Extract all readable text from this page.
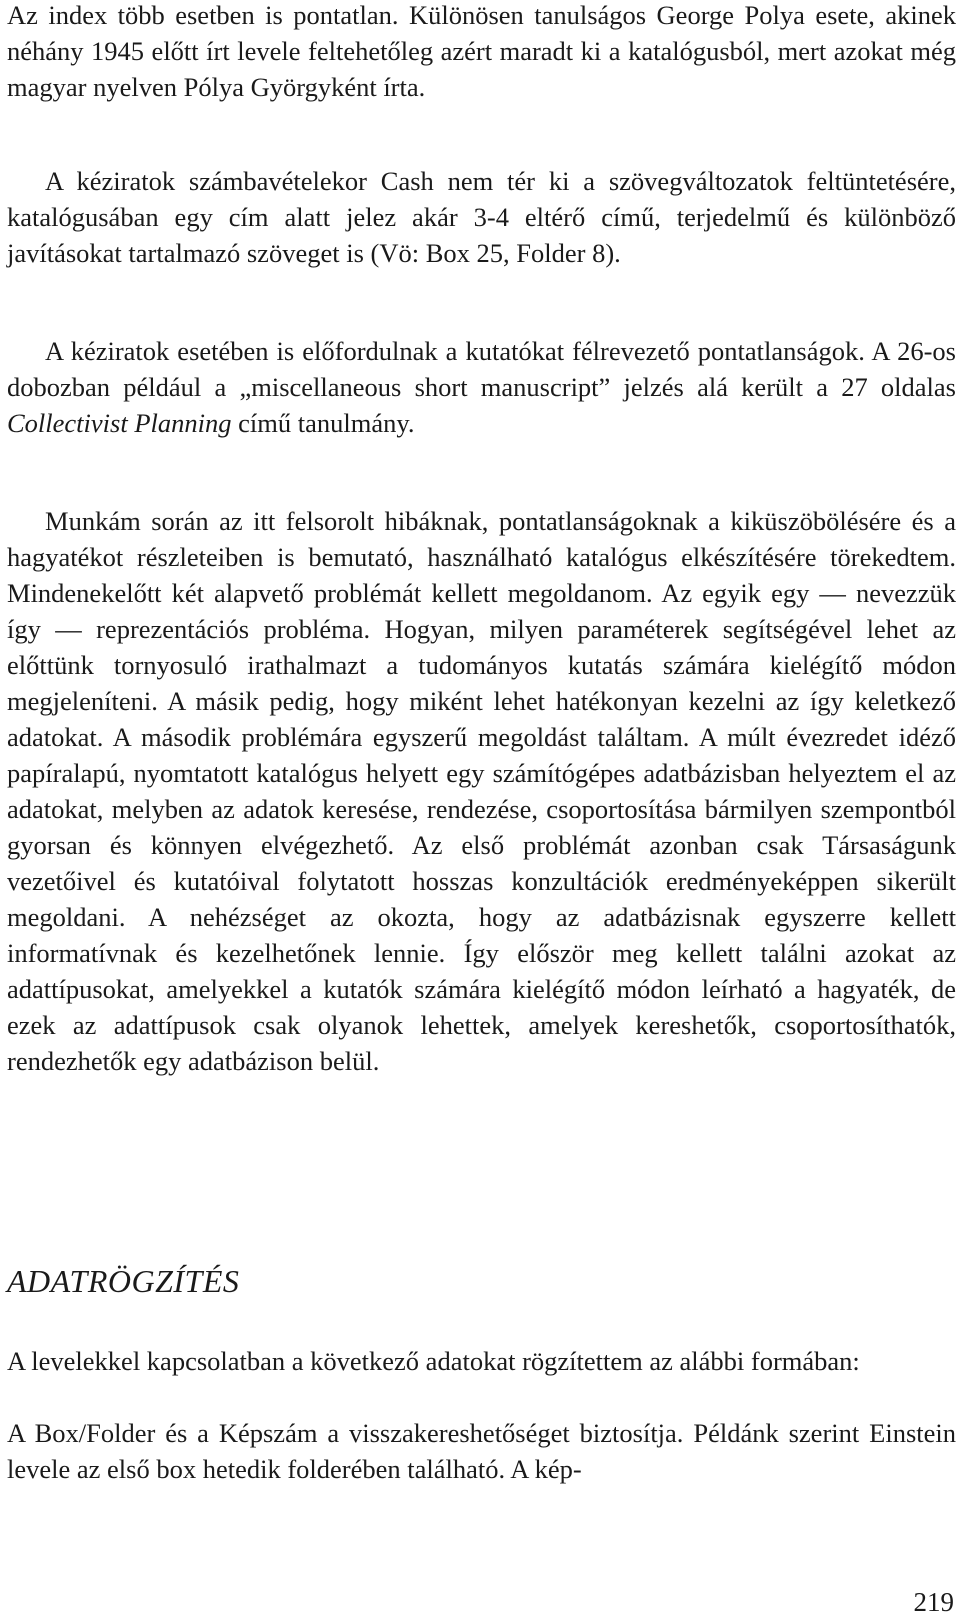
Az index több esetben is pontatlan. Különösen tanulságos George Polya esete, akinek néhány 1945 előtt írt levele feltehetőleg azért maradt ki a katalógusból, mert azokat még magyar nyelven Pólya Györgyként írta.

A kéziratok számbavételekor Cash nem tér ki a szövegváltozatok feltüntetésére, katalógusában egy cím alatt jelez akár 3-4 eltérő című, terjedelmű és különböző javításokat tartalmazó szöveget is (Vö: Box 25, Folder 8).

A kéziratok esetében is előfordulnak a kutatókat félrevezető pontatlanságok. A 26-os dobozban például a „miscellaneous short manuscript” jelzés alá került a 27 oldalas Collectivist Planning című tanulmány.

Munkám során az itt felsorolt hibáknak, pontatlanságoknak a kiküszöbölésére és a hagyatékot részleteiben is bemutató, használható katalógus elkészítésére törekedtem. Mindenekelőtt két alapvető problémát kellett megoldanom. Az egyik egy — nevezzük így — reprezentációs probléma. Hogyan, milyen paraméterek segítségével lehet az előttünk tornyosuló irathalmazt a tudományos kutatás számára kielégítő módon megjeleníteni. A másik pedig, hogy miként lehet hatékonyan kezelni az így keletkező adatokat. A második problémára egyszerű megoldást találtam. A múlt évezredet idéző papíralapú, nyomtatott katalógus helyett egy számítógépes adatbázisban helyeztem el az adatokat, melyben az adatok keresése, rendezése, csoportosítása bármilyen szempontból gyorsan és könnyen elvégezhető. Az első problémát azonban csak Társaságunk vezetőivel és kutatóival folytatott hosszas konzultációk eredményeképpen sikerült megoldani. A nehézséget az okozta, hogy az adatbázisnak egyszerre kellett informatívnak és kezelhetőnek lennie. Így először meg kellett találni azokat az adattípusokat, amelyekkel a kutatók számára kielégítő módon leírható a hagyaték, de ezek az adattípusok csak olyanok lehettek, amelyek kereshetők, csoportosíthatók, rendezhetők egy adatbázison belül.

ADATRÖGZÍTÉS

A levelekkel kapcsolatban a következő adatokat rögzítettem az alábbi formában:

A Box/Folder és a Képszám a visszakereshetőséget biztosítja. Példánk szerint Einstein levele az első box hetedik folderében található. A kép-

219
